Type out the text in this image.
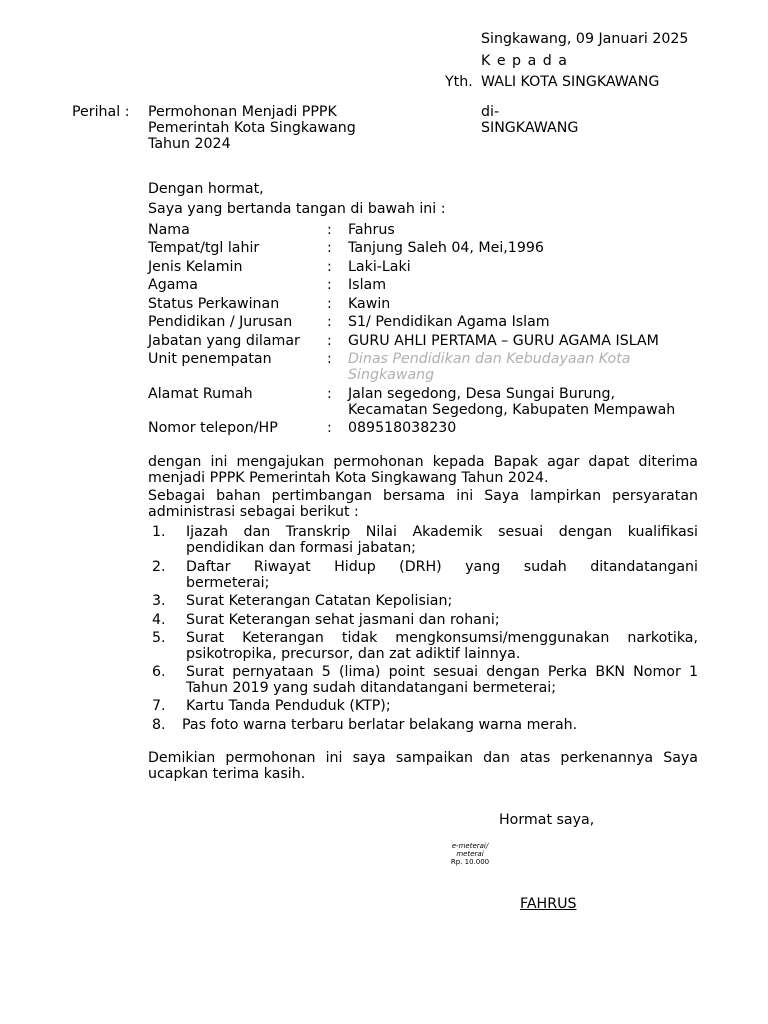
Singkawang, 09 Januari 2025
K e p a d a
Yth. WALI KOTA SINGKAWANG
di-
SINGKAWANG
Perihal : Permohonan Menjadi PPPK
Pemerintah Kota Singkawang
Tahun 2024
Dengan hormat,
Saya yang bertanda tangan di bawah ini :
Nama	: Fahrus
Tempat/tgl lahir	: Tanjung Saleh 04, Mei,1996
Jenis Kelamin	: Laki-Laki
Agama	: Islam
Status Perkawinan	: Kawin
Pendidikan / Jurusan : S1/ Pendidikan Agama Islam
Jabatan yang dilamar : GURU AHLI PERTAMA – GURU AGAMA ISLAM
Unit penempatan	: Dinas Pendidikan dan Kebudayaan Kota
Singkawang
Alamat Rumah	: Jalan segedong, Desa Sungai Burung,
Kecamatan Segedong, Kabupaten Mempawah
Nomor telepon/HP	: 089518038230
dengan ini mengajukan permohonan kepada Bapak agar dapat diterima
menjadi PPPK Pemerintah Kota Singkawang Tahun 2024.
Sebagai bahan pertimbangan bersama ini Saya lampirkan persyaratan
administrasi sebagai berikut :
1. Ijazah dan Transkrip Nilai Akademik sesuai dengan kualifikasi
pendidikan dan formasi jabatan;
2. Daftar Riwayat Hidup (DRH) yang sudah ditandatangani
bermeterai;
3. Surat Keterangan Catatan Kepolisian;
4. Surat Keterangan sehat jasmani dan rohani;
5. Surat Keterangan tidak mengkonsumsi/menggunakan narkotika,
psikotropika, precursor, dan zat adiktif lainnya.
6. Surat pernyataan 5 (lima) point sesuai dengan Perka BKN Nomor 1
Tahun 2019 yang sudah ditandatangani bermeterai;
7. Kartu Tanda Penduduk (KTP);
8. Pas foto warna terbaru berlatar belakang warna merah.
Demikian permohonan ini saya sampaikan dan atas perkenannya Saya
ucapkan terima kasih.
Hormat saya,
e-meterai/
meterai
Rp. 10.000
FAHRUS
